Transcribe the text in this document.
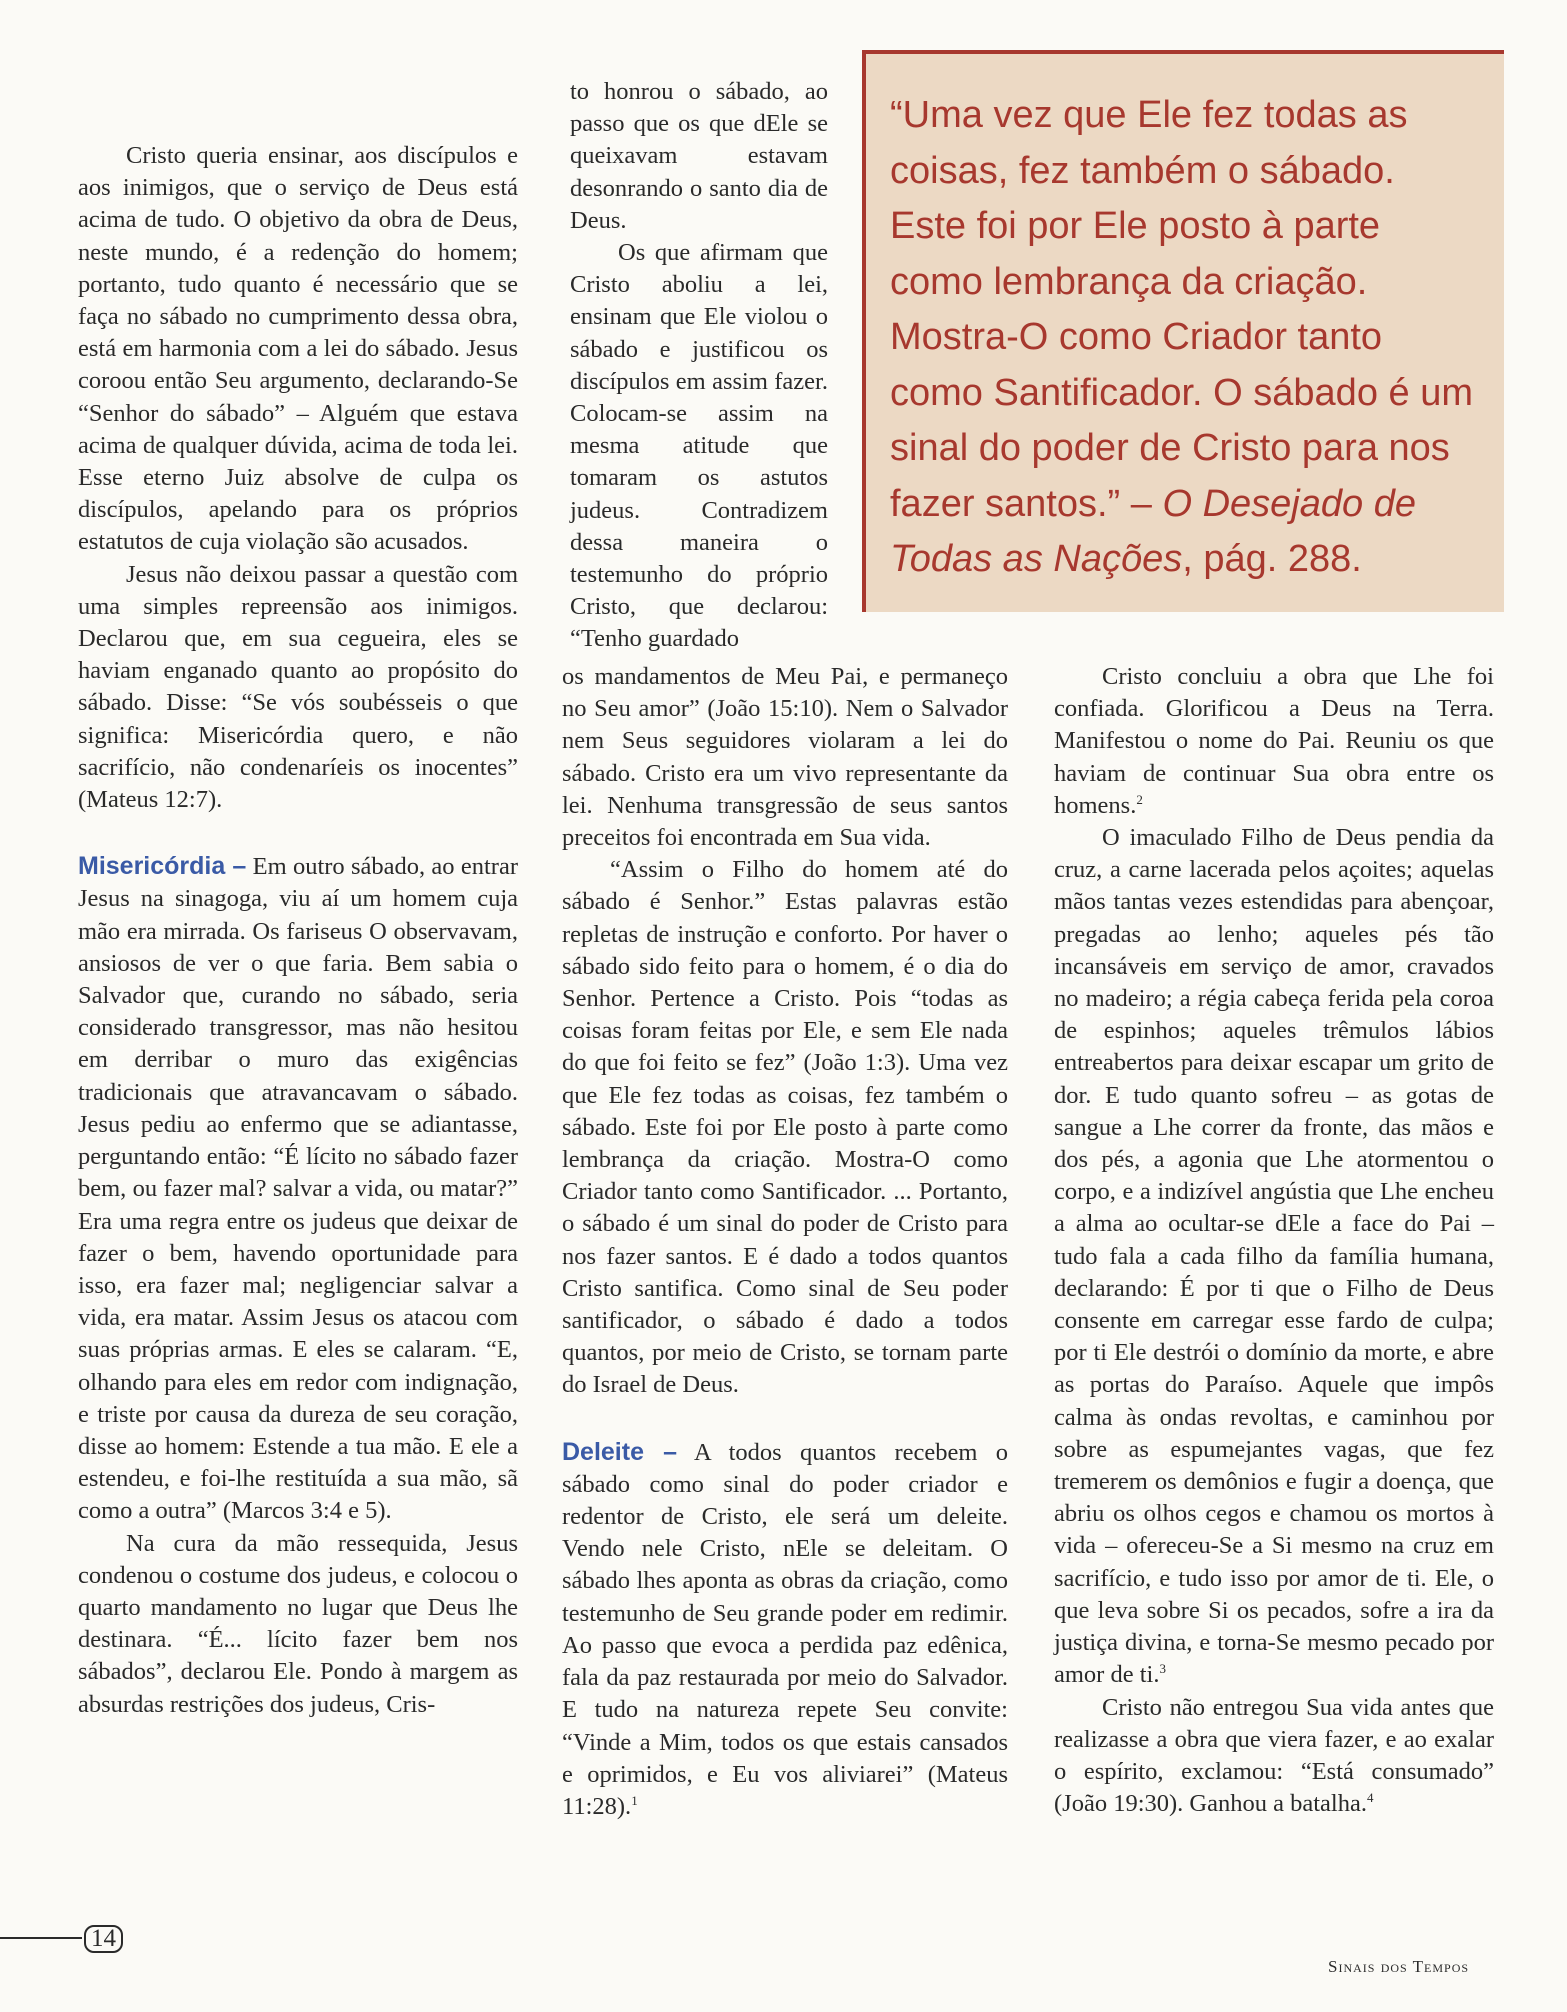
Cristo queria ensinar, aos discípulos e aos inimigos, que o serviço de Deus está acima de tudo. O objetivo da obra de Deus, neste mundo, é a redenção do homem; portanto, tudo quanto é necessário que se faça no sábado no cumprimento dessa obra, está em harmonia com a lei do sábado. Jesus coroou então Seu argumento, declarando-Se “Senhor do sábado” – Alguém que estava acima de qualquer dúvida, acima de toda lei. Esse eterno Juiz absolve de culpa os discípulos, apelando para os próprios estatutos de cuja violação são acusados.

Jesus não deixou passar a questão com uma simples repreensão aos inimigos. Declarou que, em sua cegueira, eles se haviam enganado quanto ao propósito do sábado. Disse: “Se vós soubésseis o que significa: Misericórdia quero, e não sacrifício, não condenaríeis os inocentes” (Mateus 12:7).

Misericórdia – Em outro sábado, ao entrar Jesus na sinagoga, viu aí um homem cuja mão era mirrada. Os fariseus O observavam, ansiosos de ver o que faria. Bem sabia o Salvador que, curando no sábado, seria considerado transgressor, mas não hesitou em derribar o muro das exigências tradicionais que atravancavam o sábado. Jesus pediu ao enfermo que se adiantasse, perguntando então: “É lícito no sábado fazer bem, ou fazer mal? salvar a vida, ou matar?” Era uma regra entre os judeus que deixar de fazer o bem, havendo oportunidade para isso, era fazer mal; negligenciar salvar a vida, era matar. Assim Jesus os atacou com suas próprias armas. E eles se calaram. “E, olhando para eles em redor com indignação, e triste por causa da dureza de seu coração, disse ao homem: Estende a tua mão. E ele a estendeu, e foi-lhe restituída a sua mão, sã como a outra” (Marcos 3:4 e 5).

Na cura da mão ressequida, Jesus condenou o costume dos judeus, e colocou o quarto mandamento no lugar que Deus lhe destinara. “É... lícito fazer bem nos sábados”, declarou Ele. Pondo à margem as absurdas restrições dos judeus, Cris-

to honrou o sábado, ao passo que os que dEle se queixavam estavam desonrando o santo dia de Deus.

Os que afirmam que Cristo aboliu a lei, ensinam que Ele violou o sábado e justificou os discípulos em assim fazer. Colocam-se assim na mesma atitude que tomaram os astutos judeus. Contradizem dessa maneira o testemunho do próprio Cristo, que declarou: “Tenho guardado

“Uma vez que Ele fez todas as coisas, fez também o sábado. Este foi por Ele posto à parte como lembrança da criação. Mostra-O como Criador tanto como Santificador. O sábado é um sinal do poder de Cristo para nos fazer santos.” – O Desejado de Todas as Nações, pág. 288.

os mandamentos de Meu Pai, e permaneço no Seu amor” (João 15:10). Nem o Salvador nem Seus seguidores violaram a lei do sábado. Cristo era um vivo representante da lei. Nenhuma transgressão de seus santos preceitos foi encontrada em Sua vida.

“Assim o Filho do homem até do sábado é Senhor.” Estas palavras estão repletas de instrução e conforto. Por haver o sábado sido feito para o homem, é o dia do Senhor. Pertence a Cristo. Pois “todas as coisas foram feitas por Ele, e sem Ele nada do que foi feito se fez” (João 1:3). Uma vez que Ele fez todas as coisas, fez também o sábado. Este foi por Ele posto à parte como lembrança da criação. Mostra-O como Criador tanto como Santificador. ... Portanto, o sábado é um sinal do poder de Cristo para nos fazer santos. E é dado a todos quantos Cristo santifica. Como sinal de Seu poder santificador, o sábado é dado a todos quantos, por meio de Cristo, se tornam parte do Israel de Deus.

Deleite – A todos quantos recebem o sábado como sinal do poder criador e redentor de Cristo, ele será um deleite. Vendo nele Cristo, nEle se deleitam. O sábado lhes aponta as obras da criação, como testemunho de Seu grande poder em redimir. Ao passo que evoca a perdida paz edênica, fala da paz restaurada por meio do Salvador. E tudo na natureza repete Seu convite: “Vinde a Mim, todos os que estais cansados e oprimidos, e Eu vos aliviarei” (Mateus 11:28).$^1$

Cristo concluiu a obra que Lhe foi confiada. Glorificou a Deus na Terra. Manifestou o nome do Pai. Reuniu os que haviam de continuar Sua obra entre os homens.$^2$

O imaculado Filho de Deus pendia da cruz, a carne lacerada pelos açoites; aquelas mãos tantas vezes estendidas para abençoar, pregadas ao lenho; aqueles pés tão incansáveis em serviço de amor, cravados no madeiro; a régia cabeça ferida pela coroa de espinhos; aqueles trêmulos lábios entreabertos para deixar escapar um grito de dor. E tudo quanto sofreu – as gotas de sangue a Lhe correr da fronte, das mãos e dos pés, a agonia que Lhe atormentou o corpo, e a indizível angústia que Lhe encheu a alma ao ocultar-se dEle a face do Pai – tudo fala a cada filho da família humana, declarando: É por ti que o Filho de Deus consente em carregar esse fardo de culpa; por ti Ele destrói o domínio da morte, e abre as portas do Paraíso. Aquele que impôs calma às ondas revoltas, e caminhou por sobre as espumejantes vagas, que fez tremerem os demônios e fugir a doença, que abriu os olhos cegos e chamou os mortos à vida – ofereceu-Se a Si mesmo na cruz em sacrifício, e tudo isso por amor de ti. Ele, o que leva sobre Si os pecados, sofre a ira da justiça divina, e torna-Se mesmo pecado por amor de ti.$^3$

Cristo não entregou Sua vida antes que realizasse a obra que viera fazer, e ao exalar o espírito, exclamou: “Está consumado” (João 19:30). Ganhou a batalha.$^4$

14
Sinais dos Tempos
